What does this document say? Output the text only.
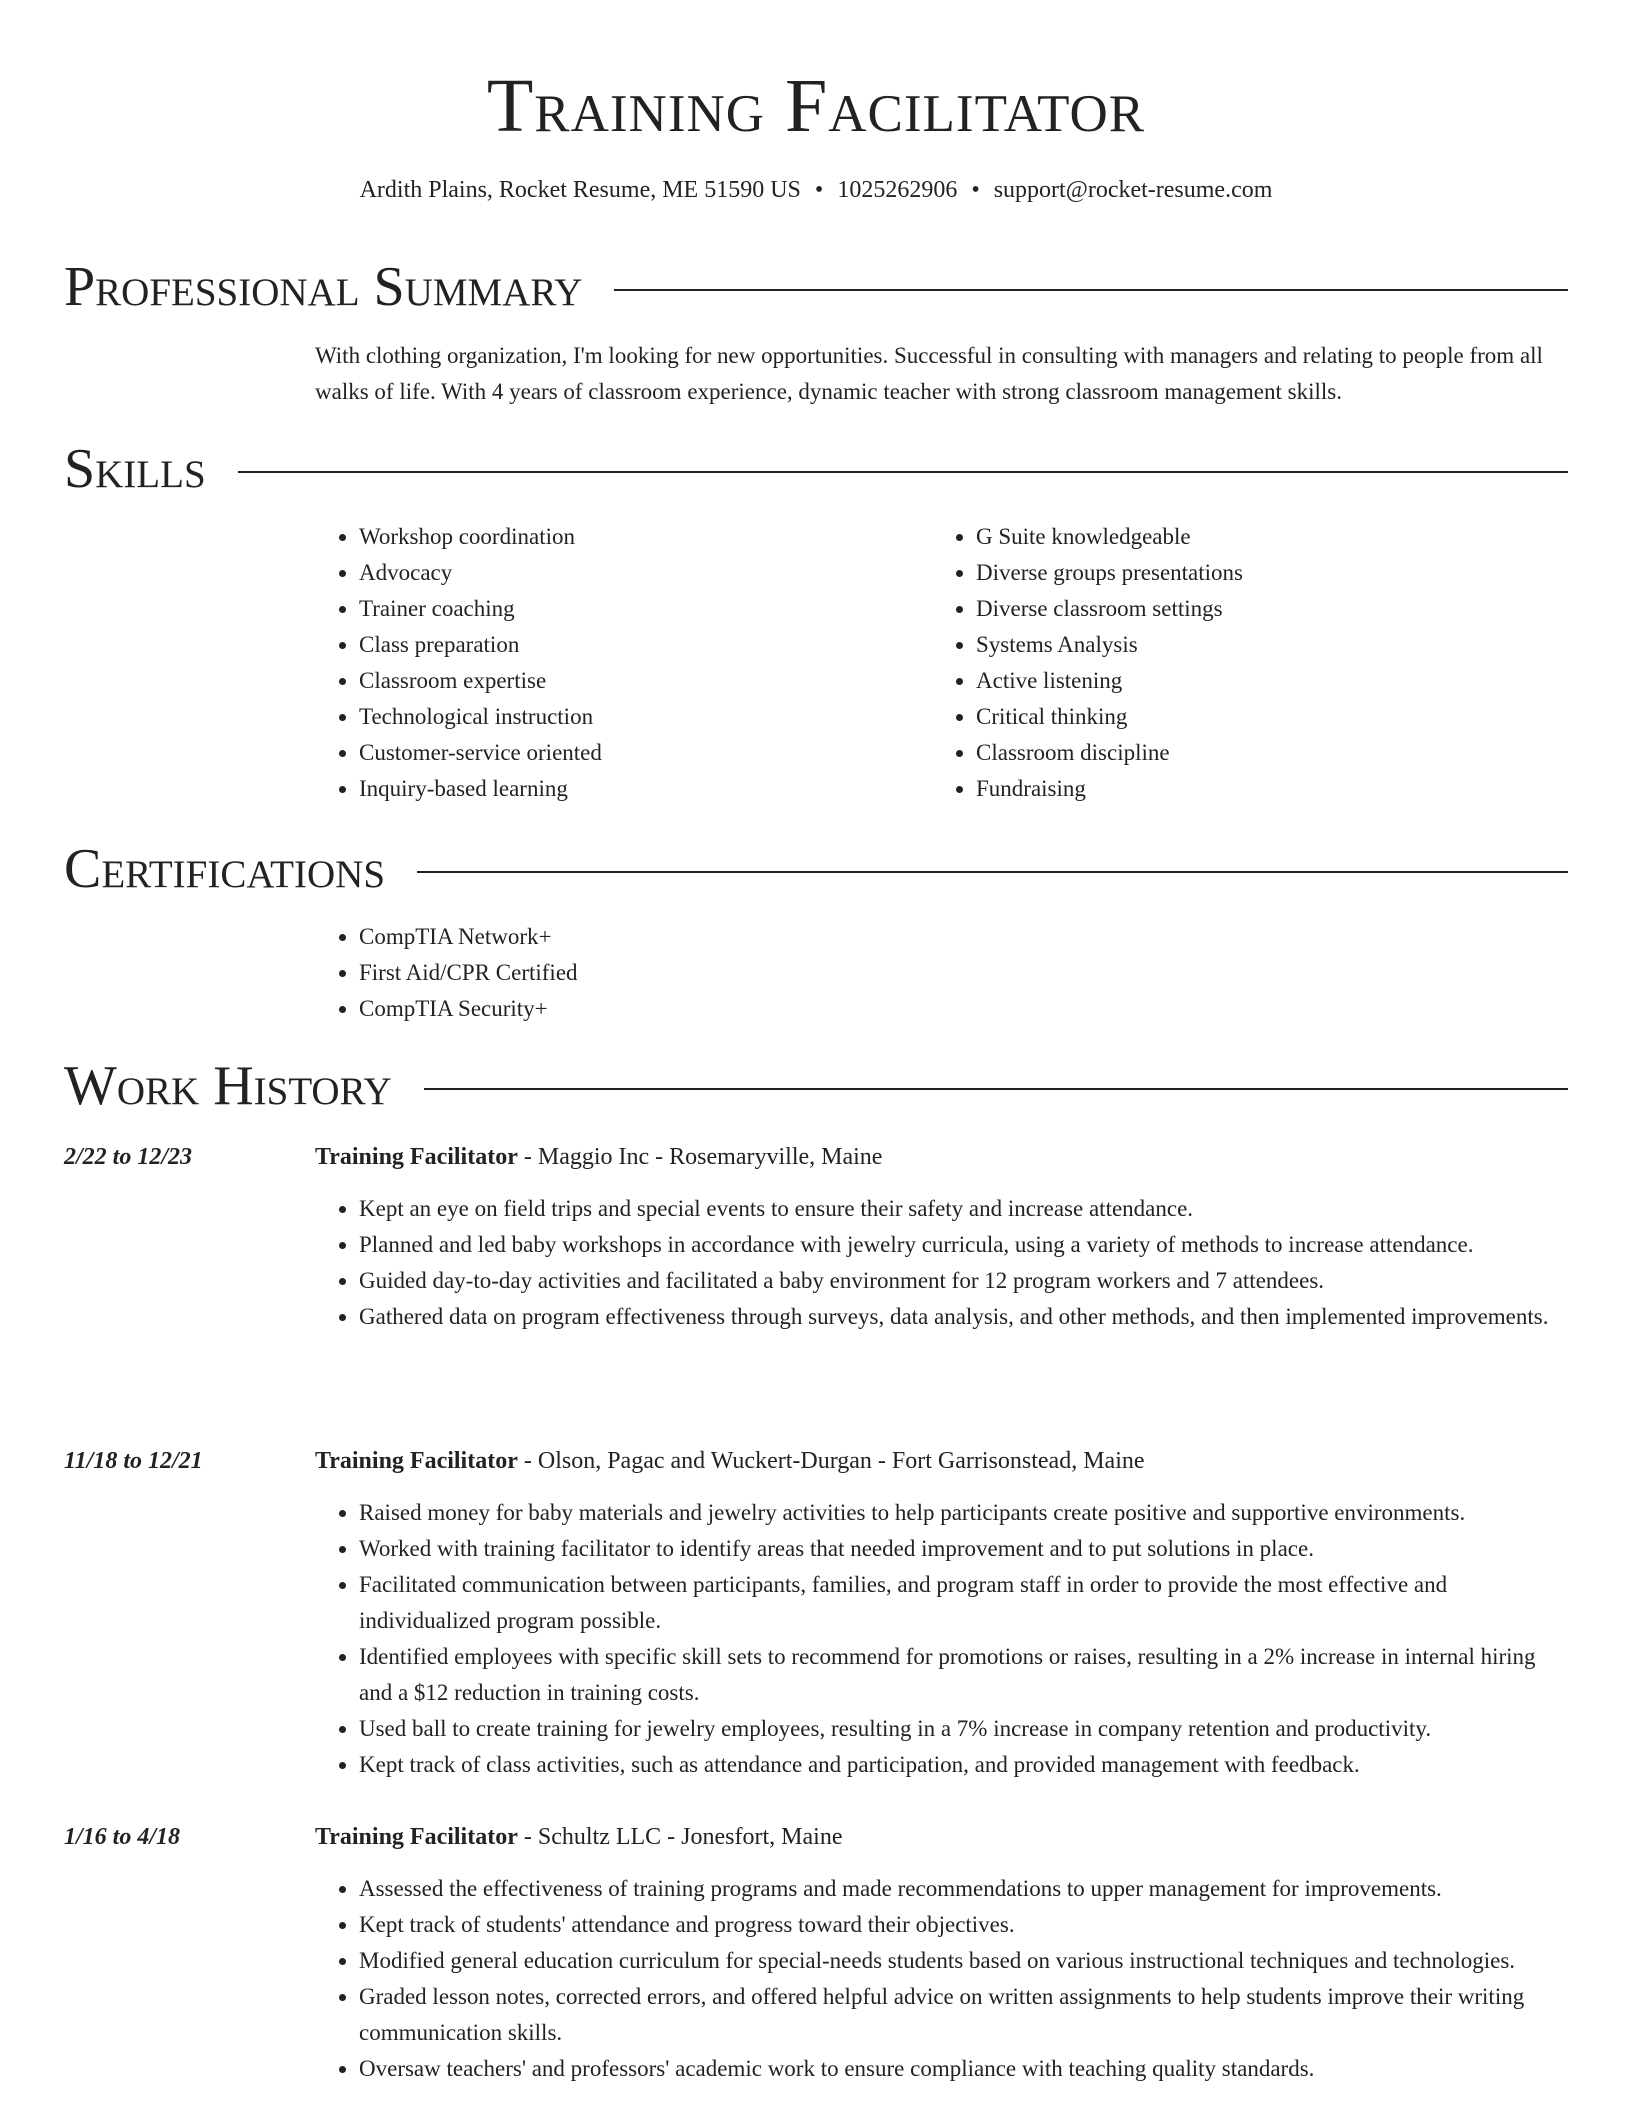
Training Facilitator
Ardith Plains, Rocket Resume, ME 51590 US • 1025262906 • support@rocket-resume.com
Professional Summary

With clothing organization, I'm looking for new opportunities. Successful in consulting with managers and relating to people from all walks of life. With 4 years of classroom experience, dynamic teacher with strong classroom management skills.

Skills
• Workshop coordination
• Advocacy
• Trainer coaching
• Class preparation
• Classroom expertise
• Technological instruction
• Customer-service oriented
• Inquiry-based learning
• G Suite knowledgeable
• Diverse groups presentations
• Diverse classroom settings
• Systems Analysis
• Active listening
• Critical thinking
• Classroom discipline
• Fundraising
Certifications
• CompTIA Network+
• First Aid/CPR Certified
• CompTIA Security+
Work History
2/22 to 12/23	Training Facilitator - Maggio Inc - Rosemaryville, Maine
• Kept an eye on field trips and special events to ensure their safety and increase attendance.
• Planned and led baby workshops in accordance with jewelry curricula, using a variety of methods to increase attendance.
• Guided day-to-day activities and facilitated a baby environment for 12 program workers and 7 attendees.
• Gathered data on program effectiveness through surveys, data analysis, and other methods, and then implemented improvements.
11/18 to 12/21	Training Facilitator - Olson, Pagac and Wuckert-Durgan - Fort Garrisonstead, Maine
• Raised money for baby materials and jewelry activities to help participants create positive and supportive environments.
• Worked with training facilitator to identify areas that needed improvement and to put solutions in place.
• Facilitated communication between participants, families, and program staff in order to provide the most effective and individualized program possible.
• Identified employees with specific skill sets to recommend for promotions or raises, resulting in a 2% increase in internal hiring and a $12 reduction in training costs.
• Used ball to create training for jewelry employees, resulting in a 7% increase in company retention and productivity.
• Kept track of class activities, such as attendance and participation, and provided management with feedback.
1/16 to 4/18	Training Facilitator - Schultz LLC - Jonesfort, Maine
• Assessed the effectiveness of training programs and made recommendations to upper management for improvements.
• Kept track of students' attendance and progress toward their objectives.
• Modified general education curriculum for special-needs students based on various instructional techniques and technologies.
• Graded lesson notes, corrected errors, and offered helpful advice on written assignments to help students improve their writing communication skills.
• Oversaw teachers' and professors' academic work to ensure compliance with teaching quality standards.
